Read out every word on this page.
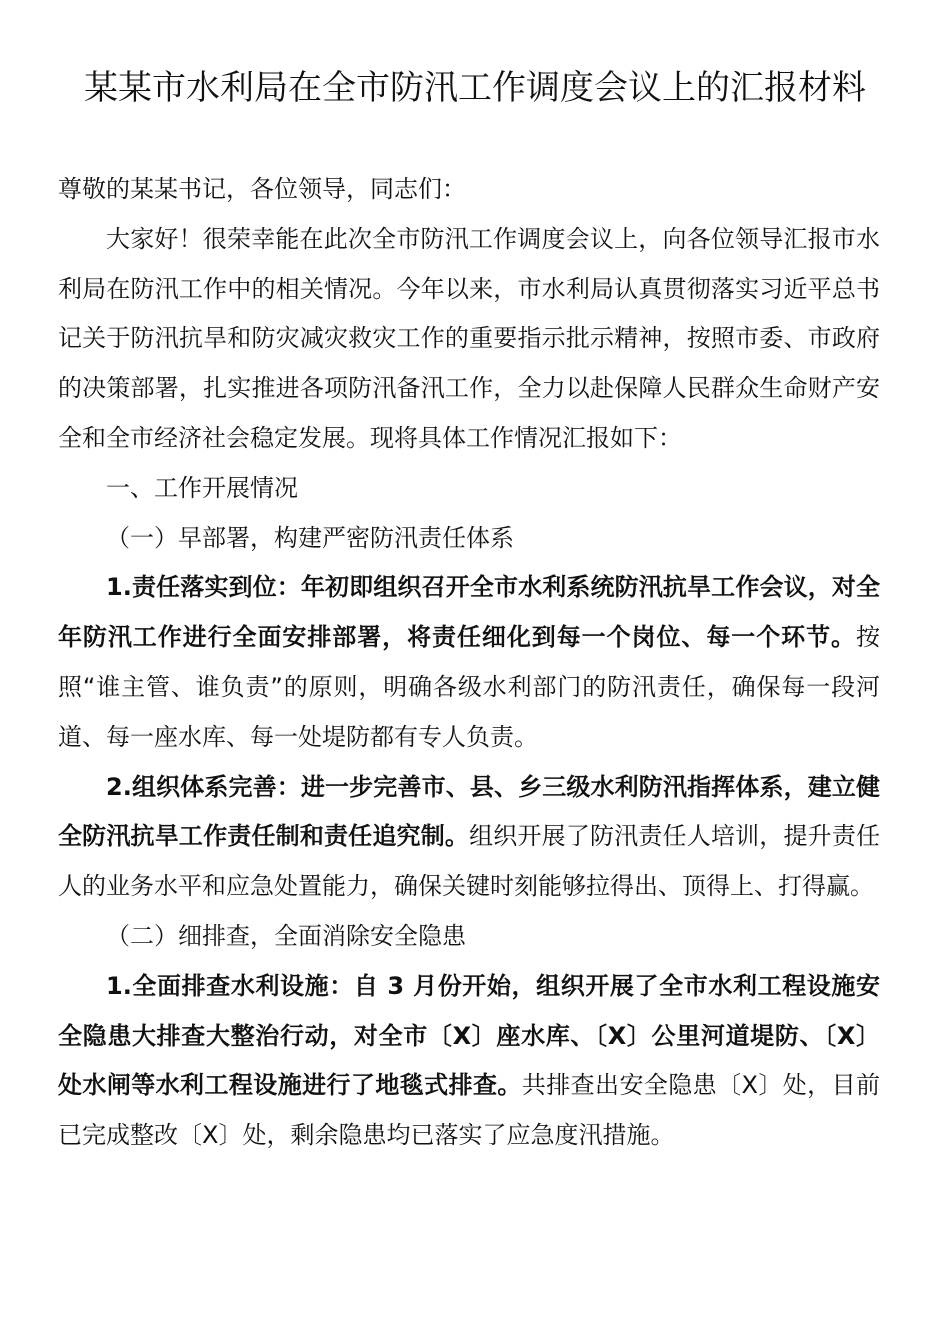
某某市水利局在全市防汛工作调度会议上的汇报材料

尊敬的某某书记，各位领导，同志们：

大家好！很荣幸能在此次全市防汛工作调度会议上，向各位领导汇报市水利局在防汛工作中的相关情况。今年以来，市水利局认真贯彻落实习近平总书记关于防汛抗旱和防灾减灾救灾工作的重要指示批示精神，按照市委、市政府的决策部署，扎实推进各项防汛备汛工作，全力以赴保障人民群众生命财产安全和全市经济社会稳定发展。现将具体工作情况汇报如下：

一、工作开展情况

（一）早部署，构建严密防汛责任体系

1.责任落实到位：年初即组织召开全市水利系统防汛抗旱工作会议，对全年防汛工作进行全面安排部署，将责任细化到每一个岗位、每一个环节。按照“谁主管、谁负责”的原则，明确各级水利部门的防汛责任，确保每一段河道、每一座水库、每一处堤防都有专人负责。

2.组织体系完善：进一步完善市、县、乡三级水利防汛指挥体系，建立健全防汛抗旱工作责任制和责任追究制。组织开展了防汛责任人培训，提升责任人的业务水平和应急处置能力，确保关键时刻能够拉得出、顶得上、打得赢。

（二）细排查，全面消除安全隐患

1.全面排查水利设施：自 3 月份开始，组织开展了全市水利工程设施安全隐患大排查大整治行动，对全市〔X〕座水库、〔X〕公里河道堤防、〔X〕处水闸等水利工程设施进行了地毯式排查。共排查出安全隐患〔X〕处，目前已完成整改〔X〕处，剩余隐患均已落实了应急度汛措施。
